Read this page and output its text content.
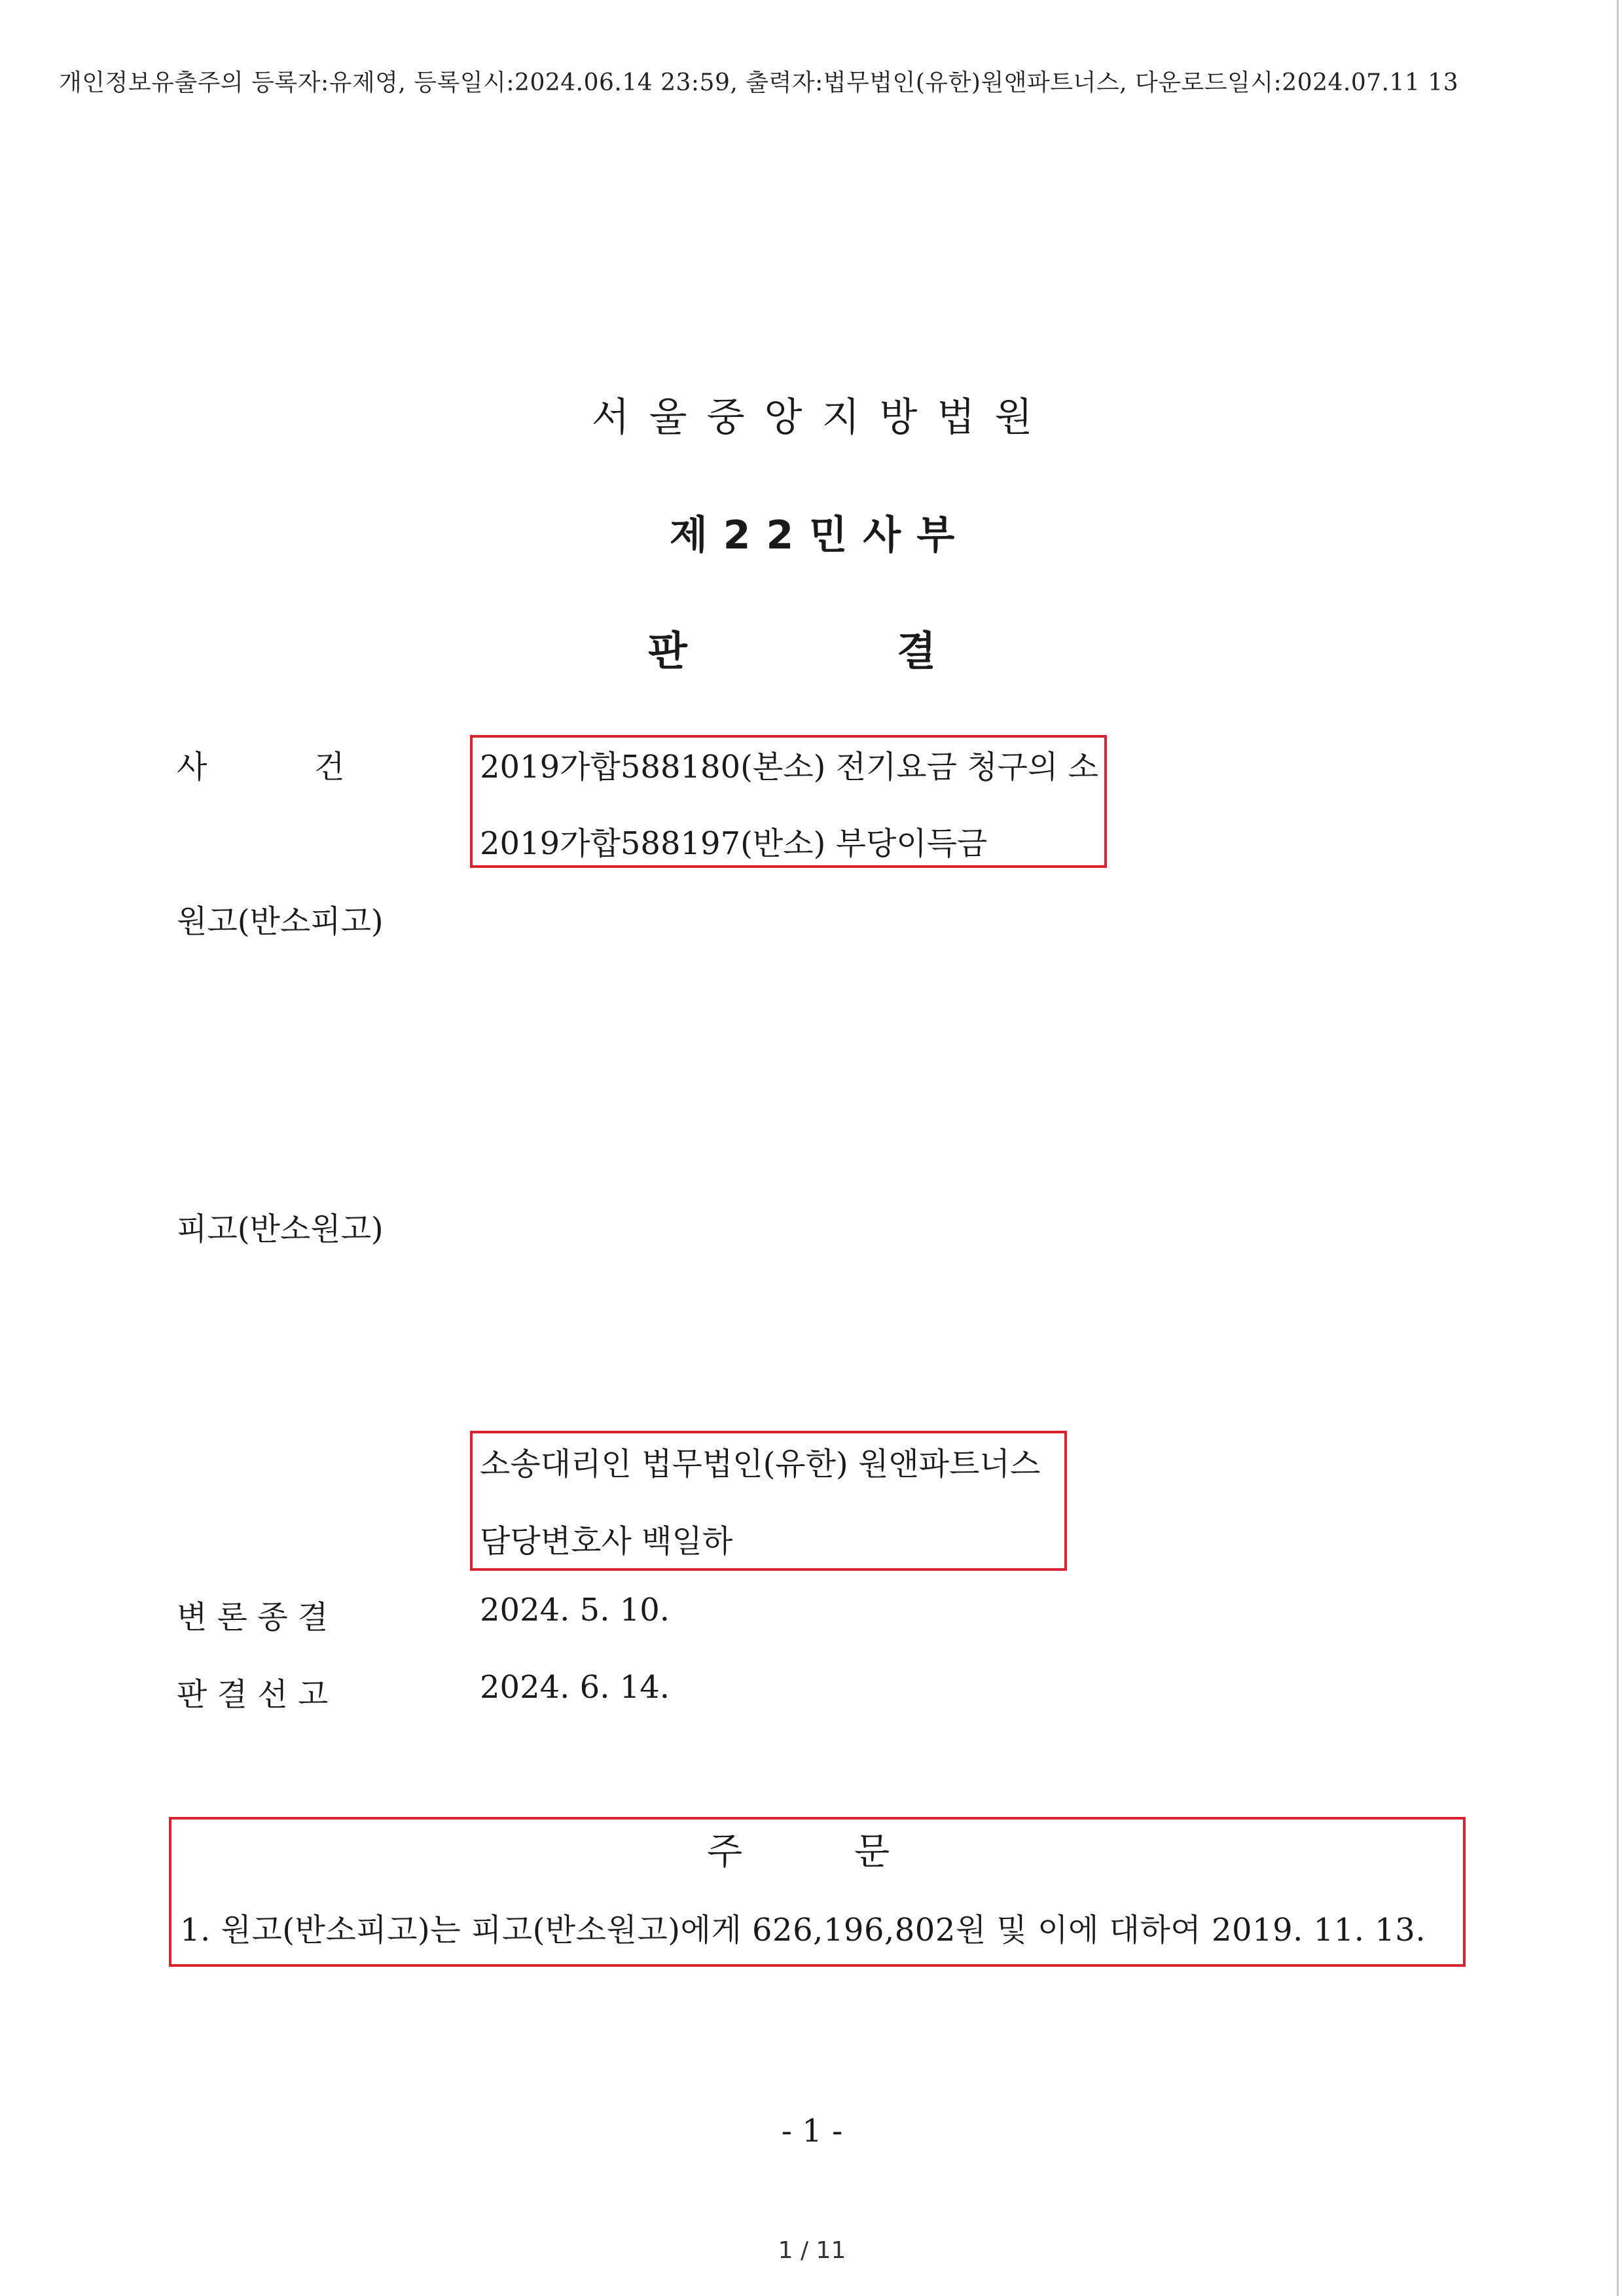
개인정보유출주의 등록자:유제영, 등록일시:2024.06.14 23:59, 출력자:법무법인(유한)원앤파트너스, 다운로드일시:2024.07.11 13
서울중앙지방법원
제22민사부
판	결
사	건	2019가합588180(본소) 전기요금 청구의 소
2019가합588197(반소) 부당이득금
원고(반소피고)
피고(반소원고)
소송대리인 법무법인(유한) 원앤파트너스
담당변호사 백일하
변 론 종 결	2024. 5. 10.
판 결 선 고	2024. 6. 14.
주	문
1. 원고(반소피고)는 피고(반소원고)에게 626,196,802원 및 이에 대하여 2019. 11. 13.
- 1 -
1 / 11
